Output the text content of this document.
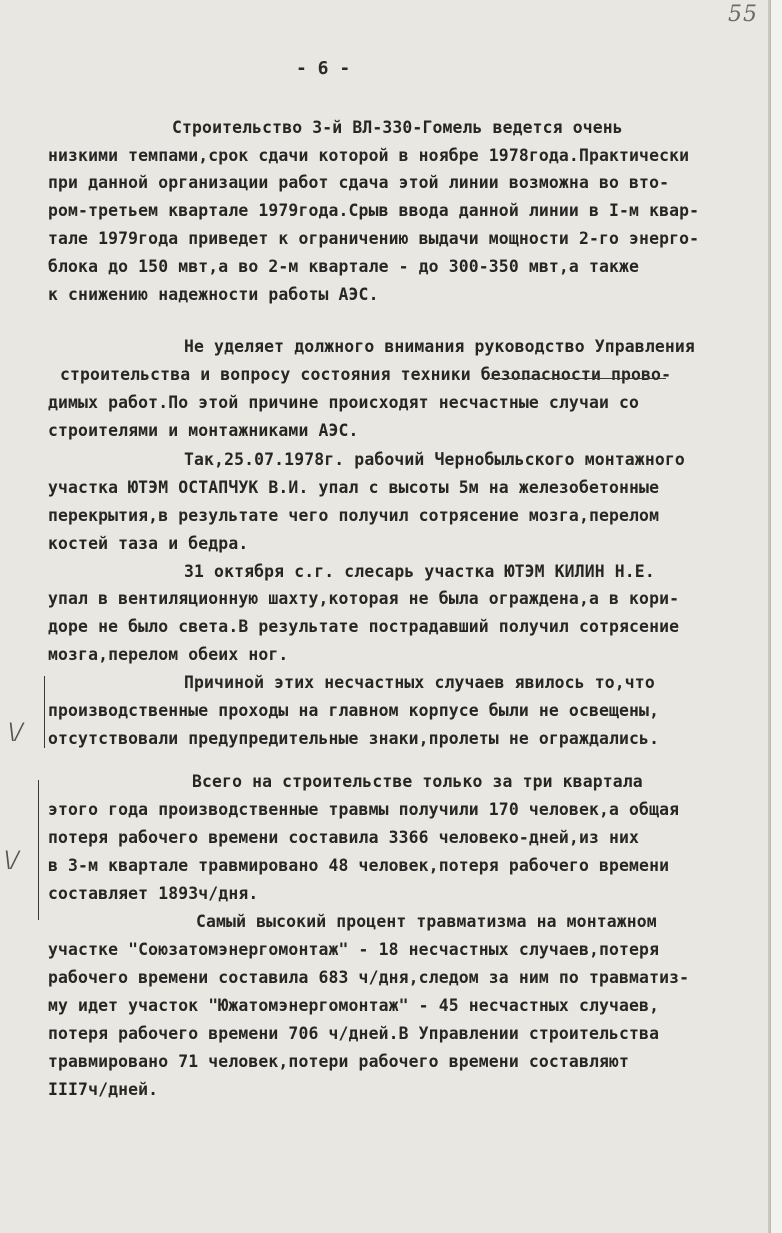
55
- 6 -
Строительство 3-й ВЛ-330-Гомель ведется очень
низкими темпами,срок сдачи которой в ноябре 1978года.Практически
при данной организации работ сдача этой линии возможна во вто-
ром-третьем квартале 1979года.Срыв ввода данной линии в I-м квар-
тале 1979года приведет к ограничению выдачи мощности 2-го энерго-
блока до 150 мвт,а во 2-м квартале - до 300-350 мвт,а также
к снижению надежности работы АЭС.
Не уделяет должного внимания руководство Управления
строительства и вопросу состояния техники безопасности прово-
димых работ.По этой причине происходят несчастные случаи со
строителями и монтажниками АЭС.
Так,25.07.1978г. рабочий Чернобыльского монтажного
участка ЮТЭМ ОСТАПЧУК В.И. упал с высоты 5м на железобетонные
перекрытия,в результате чего получил сотрясение мозга,перелом
костей таза и бедра.
31 октября с.г. слесарь участка ЮТЭМ КИЛИН Н.Е.
упал в вентиляционную шахту,которая не была ограждена,а в кори-
доре не было света.В результате пострадавший получил сотрясение
мозга,перелом обеих ног.
\/
Причиной этих несчастных случаев явилось то,что
производственные проходы на главном корпусе были не освещены,
отсутствовали предупредительные знаки,пролеты не ограждались.
\/
Всего на строительстве только за три квартала
этого года производственные травмы получили 170 человек,а общая
потеря рабочего времени составила 3366 человеко-дней,из них
в 3-м квартале травмировано 48 человек,потеря рабочего времени
составляет 1893ч/дня.
Самый высокий процент травматизма на монтажном
участке "Союзатомэнергомонтаж" - 18 несчастных случаев,потеря
рабочего времени составила 683 ч/дня,следом за ним по травматиз-
му идет участок "Южатомэнергомонтаж" - 45 несчастных случаев,
потеря рабочего времени 706 ч/дней.В Управлении строительства
травмировано 71 человек,потери рабочего времени составляют
III7ч/дней.
